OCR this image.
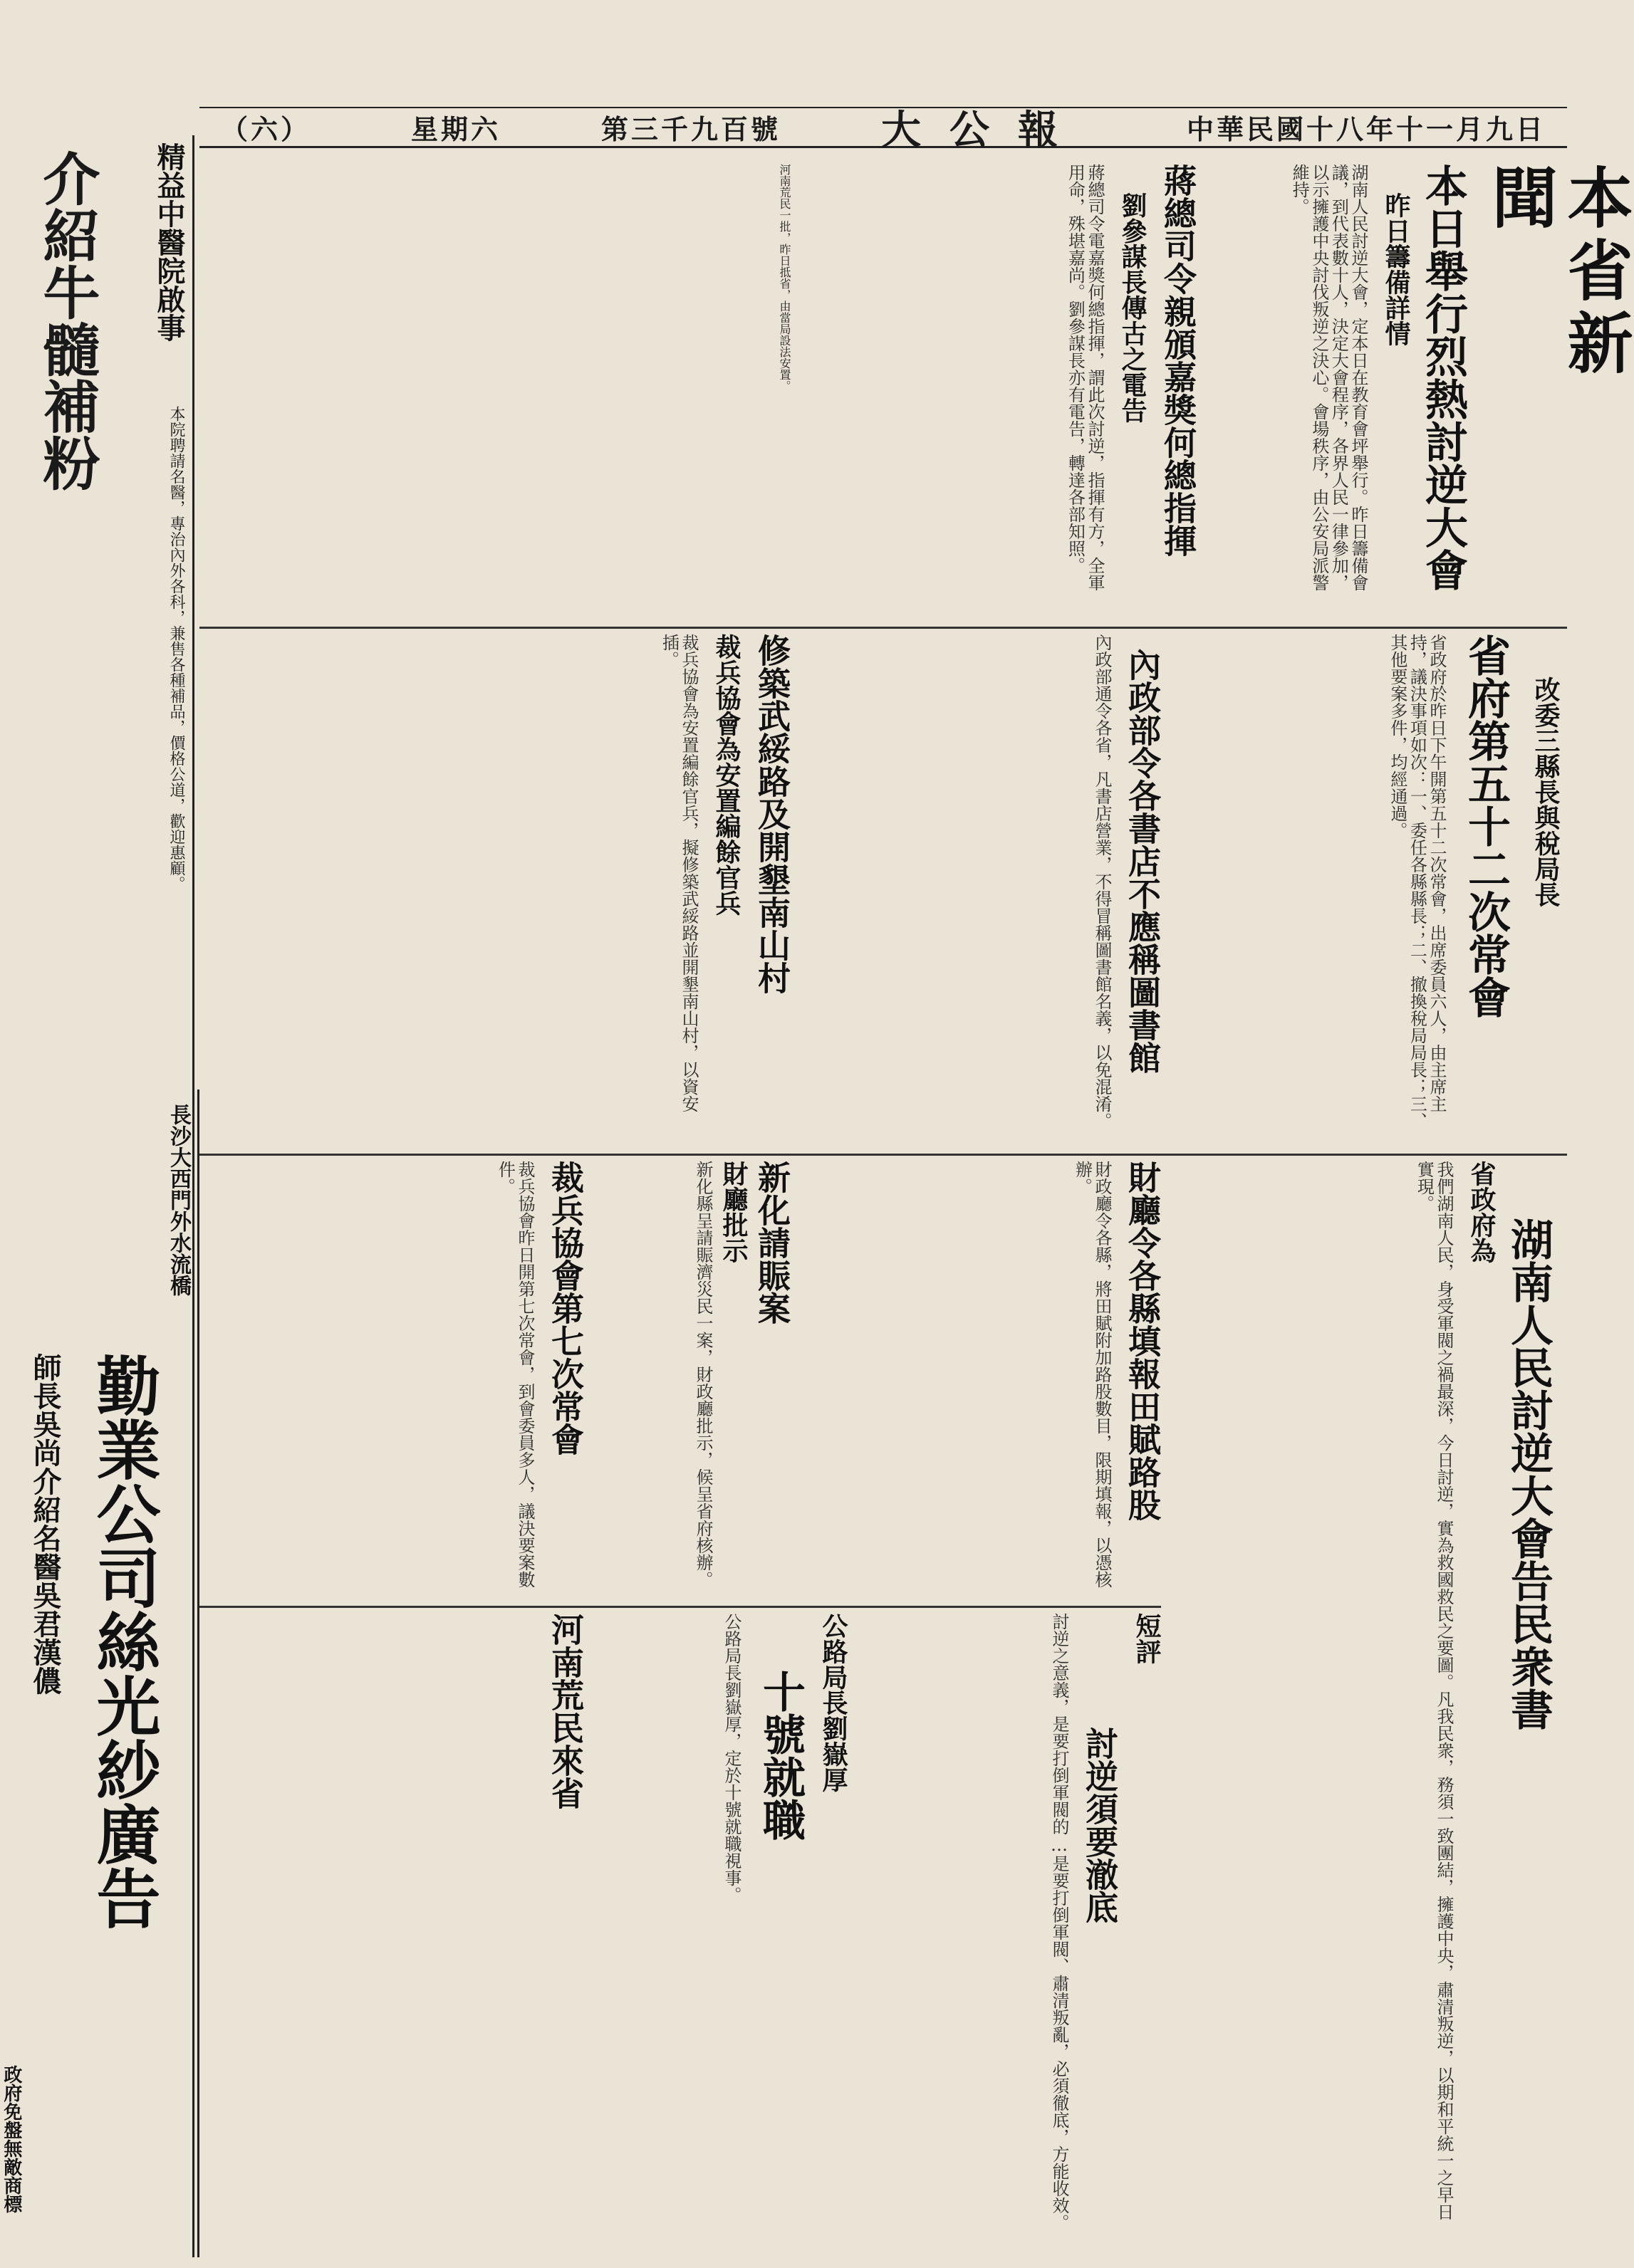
（六）	星期六	第三千九百號	大公報	中華民國十八年十一月九日
精益中醫院啟事
介紹牛髓補粉
本院聘請名醫，專治內外各科，兼售各種補品，價格公道，歡迎惠顧。
本省新聞
本日舉行烈熱討逆大會
昨日籌備詳情
湖南人民討逆大會，定本日在教育會坪舉行。昨日籌備會議，到代表數十人，決定大會程序，各界人民一律參加，以示擁護中央討伐叛逆之決心。會場秩序，由公安局派警維持。
蔣總司令親頒嘉獎何總指揮
劉參謀長傳古之電告
蔣總司令電嘉獎何總指揮，謂此次討逆，指揮有方，全軍用命，殊堪嘉尚。劉參謀長亦有電告，轉達各部知照。
河南荒民一批，昨日抵省，由當局設法安置。
省府第五十二次常會 改委三縣長與稅局長
省政府於昨日下午開第五十二次常會，出席委員六人，由主席主持，議決事項如次：一、委任各縣縣長；二、撤換稅局局長；三、其他要案多件，均經通過。
內政部令各書店不應稱圖書館
內政部通令各省，凡書店營業，不得冒稱圖書館名義，以免混淆。
修築武綏路及開墾南山村
裁兵協會為安置編餘官兵
裁兵協會為安置編餘官兵，擬修築武綏路並開墾南山村，以資安插。
湖南人民討逆大會告民衆書
省政府為
我們湖南人民，身受軍閥之禍最深，今日討逆，實為救國救民之要圖。凡我民衆，務須一致團結，擁護中央，肅清叛逆，以期和平統一之早日實現。
財廳令各縣填報田賦路股
財政廳令各縣，將田賦附加路股數目，限期填報，以憑核辦。
新化請賑案
財廳批示
新化縣呈請賑濟災民一案，財政廳批示，候呈省府核辦。
裁兵協會第七次常會
裁兵協會昨日開第七次常會，到會委員多人，議決要案數件。
短評
討逆須要澈底
討逆之意義，是要打倒軍閥的…是要打倒軍閥、肅清叛亂，必須徹底，方能收效。
公路局長劉嶽厚
十號就職
公路局長劉嶽厚，定於十號就職視事。
河南荒民來省
長沙大西門外水流橋
勤業公司絲光紗廣告
師長吳尚介紹名醫吳君漢儂
政府免盤無敵商標
